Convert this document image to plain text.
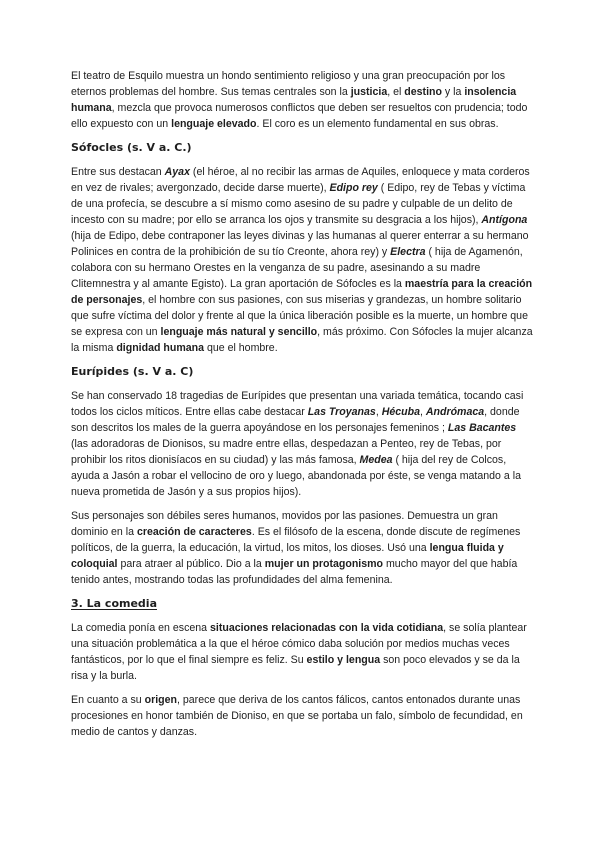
El teatro de Esquilo muestra un hondo sentimiento religioso y una gran preocupación por los eternos problemas del hombre. Sus temas centrales son la justicia, el destino y la insolencia humana, mezcla que provoca numerosos conflictos que deben ser resueltos con prudencia; todo ello expuesto con un lenguaje elevado. El coro es un elemento fundamental en sus obras.

Sófocles (s. V a. C.)

Entre sus destacan Ayax (el héroe, al no recibir las armas de Aquiles, enloquece y mata corderos en vez de rivales; avergonzado, decide darse muerte), Edipo rey ( Edipo, rey de Tebas y víctima de una profecía, se descubre a sí mismo como asesino de su padre y culpable de un delito de incesto con su madre; por ello se arranca los ojos y transmite su desgracia a los hijos), Antígona (hija de Edipo, debe contraponer las leyes divinas y las humanas al querer enterrar a su hermano Polinices en contra de la prohibición de su tío Creonte, ahora rey) y Electra ( hija de Agamenón, colabora con su hermano Orestes en la venganza de su padre, asesinando a su madre Clitemnestra y al amante Egisto). La gran aportación de Sófocles es la maestría para la creación de personajes, el hombre con sus pasiones, con sus miserias y grandezas, un hombre solitario que sufre víctima del dolor y frente al que la única liberación posible es la muerte, un hombre que se expresa con un lenguaje más natural y sencillo, más próximo. Con Sófocles la mujer alcanza la misma dignidad humana que el hombre.

Eurípides (s. V a. C)

Se han conservado 18 tragedias de Eurípides que presentan una variada temática, tocando casi todos los ciclos míticos. Entre ellas cabe destacar Las Troyanas, Hécuba, Andrómaca, donde son descritos los males de la guerra apoyándose en los personajes femeninos ; Las Bacantes (las adoradoras de Dionisos, su madre entre ellas, despedazan a Penteo, rey de Tebas, por prohibir los ritos dionisíacos en su ciudad) y las más famosa, Medea ( hija del rey de Colcos, ayuda a Jasón a robar el vellocino de oro y luego, abandonada por éste, se venga matando a la nueva prometida de Jasón y a sus propios hijos).

Sus personajes son débiles seres humanos, movidos por las pasiones. Demuestra un gran dominio en la creación de caracteres. Es el filósofo de la escena, donde discute de regímenes políticos, de la guerra, la educación, la virtud, los mitos, los dioses. Usó una lengua fluida y coloquial para atraer al público. Dio a la mujer un protagonismo mucho mayor del que había tenido antes, mostrando todas las profundidades del alma femenina.

3. La comedia

La comedia ponía en escena situaciones relacionadas con la vida cotidiana, se solía plantear una situación problemática a la que el héroe cómico daba solución por medios muchas veces fantásticos, por lo que el final siempre es feliz. Su estilo y lengua son poco elevados y se da la risa y la burla.

En cuanto a su origen, parece que deriva de los cantos fálicos, cantos entonados durante unas procesiones en honor también de Dioniso, en que se portaba un falo, símbolo de fecundidad, en medio de cantos y danzas.
